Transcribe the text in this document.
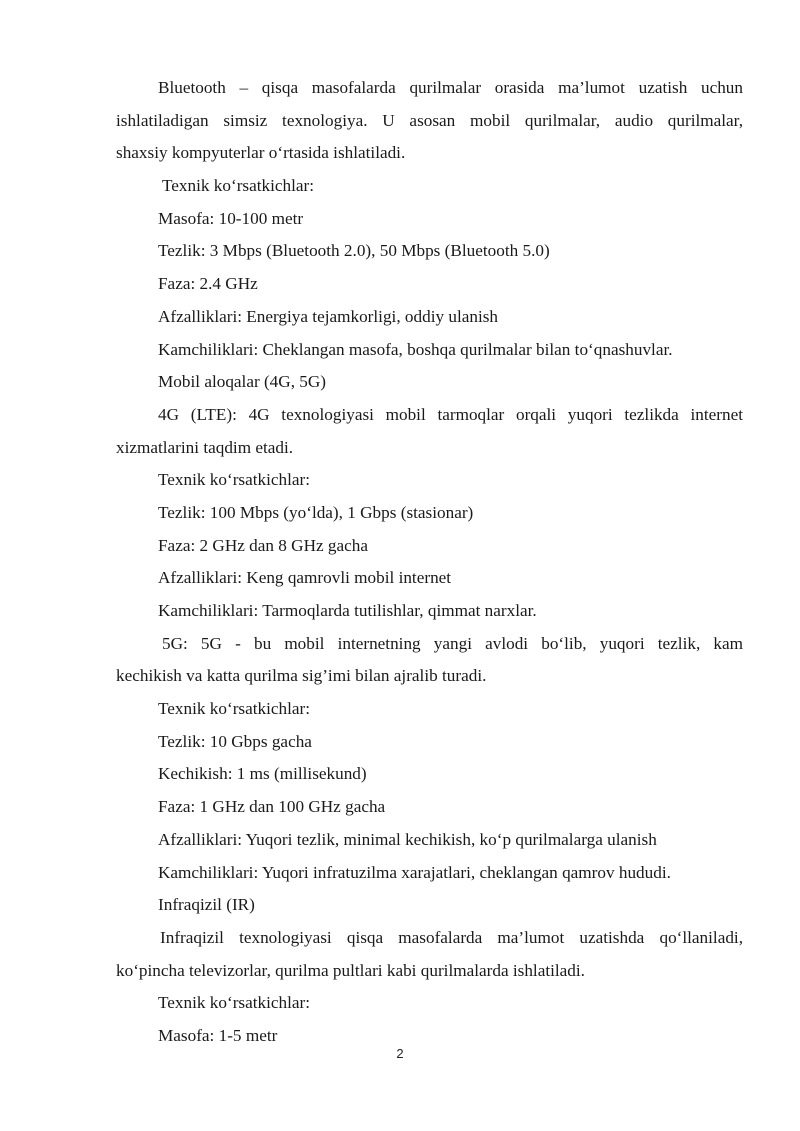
Bluetooth – qisqa masofalarda qurilmalar orasida ma’lumot uzatish uchun
ishlatiladigan simsiz texnologiya. U asosan mobil qurilmalar, audio qurilmalar,
shaxsiy kompyuterlar o‘rtasida ishlatiladi.
Texnik ko‘rsatkichlar:
Masofa: 10-100 metr
Tezlik: 3 Mbps (Bluetooth 2.0), 50 Mbps (Bluetooth 5.0)
Faza: 2.4 GHz
Afzalliklari: Energiya tejamkorligi, oddiy ulanish
Kamchiliklari: Cheklangan masofa, boshqa qurilmalar bilan to‘qnashuvlar.
Mobil aloqalar (4G, 5G)
4G (LTE): 4G texnologiyasi mobil tarmoqlar orqali yuqori tezlikda internet
xizmatlarini taqdim etadi.
Texnik ko‘rsatkichlar:
Tezlik: 100 Mbps (yo‘lda), 1 Gbps (stasionar)
Faza: 2 GHz dan 8 GHz gacha
Afzalliklari: Keng qamrovli mobil internet
Kamchiliklari: Tarmoqlarda tutilishlar, qimmat narxlar.
5G: 5G - bu mobil internetning yangi avlodi bo‘lib, yuqori tezlik, kam
kechikish va katta qurilma sig’imi bilan ajralib turadi.
Texnik ko‘rsatkichlar:
Tezlik: 10 Gbps gacha
Kechikish: 1 ms (millisekund)
Faza: 1 GHz dan 100 GHz gacha
Afzalliklari: Yuqori tezlik, minimal kechikish, ko‘p qurilmalarga ulanish
Kamchiliklari: Yuqori infratuzilma xarajatlari, cheklangan qamrov hududi.
Infraqizil (IR)
Infraqizil texnologiyasi qisqa masofalarda ma’lumot uzatishda qo‘llaniladi,
ko‘pincha televizorlar, qurilma pultlari kabi qurilmalarda ishlatiladi.
Texnik ko‘rsatkichlar:
Masofa: 1-5 metr
2
